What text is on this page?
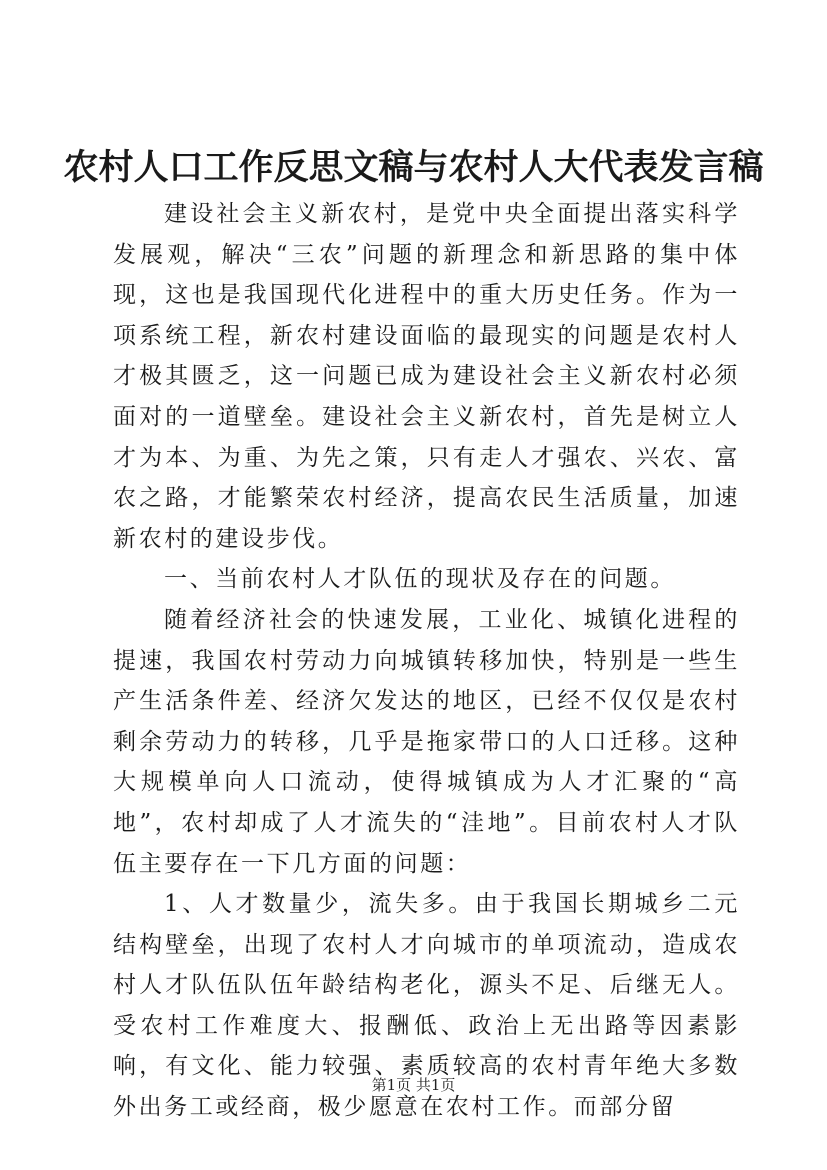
农村人口工作反思文稿与农村人大代表发言稿

建设社会主义新农村，是党中央全面提出落实科学发展观，解决“三农”问题的新理念和新思路的集中体现，这也是我国现代化进程中的重大历史任务。作为一项系统工程，新农村建设面临的最现实的问题是农村人才极其匮乏，这一问题已成为建设社会主义新农村必须面对的一道壁垒。建设社会主义新农村，首先是树立人才为本、为重、为先之策，只有走人才强农、兴农、富农之路，才能繁荣农村经济，提高农民生活质量，加速新农村的建设步伐。

一、当前农村人才队伍的现状及存在的问题。

随着经济社会的快速发展，工业化、城镇化进程的提速，我国农村劳动力向城镇转移加快，特别是一些生产生活条件差、经济欠发达的地区，已经不仅仅是农村剩余劳动力的转移，几乎是拖家带口的人口迁移。这种大规模单向人口流动，使得城镇成为人才汇聚的“高地”，农村却成了人才流失的“洼地”。目前农村人才队伍主要存在一下几方面的问题：

1、人才数量少，流失多。由于我国长期城乡二元结构壁垒，出现了农村人才向城市的单项流动，造成农村人才队伍队伍年龄结构老化，源头不足、后继无人。受农村工作难度大、报酬低、政治上无出路等因素影响，有文化、能力较强、素质较高的农村青年绝大多数外出务工或经商，极少愿意在农村工作。而部分留

第1页 共1页
